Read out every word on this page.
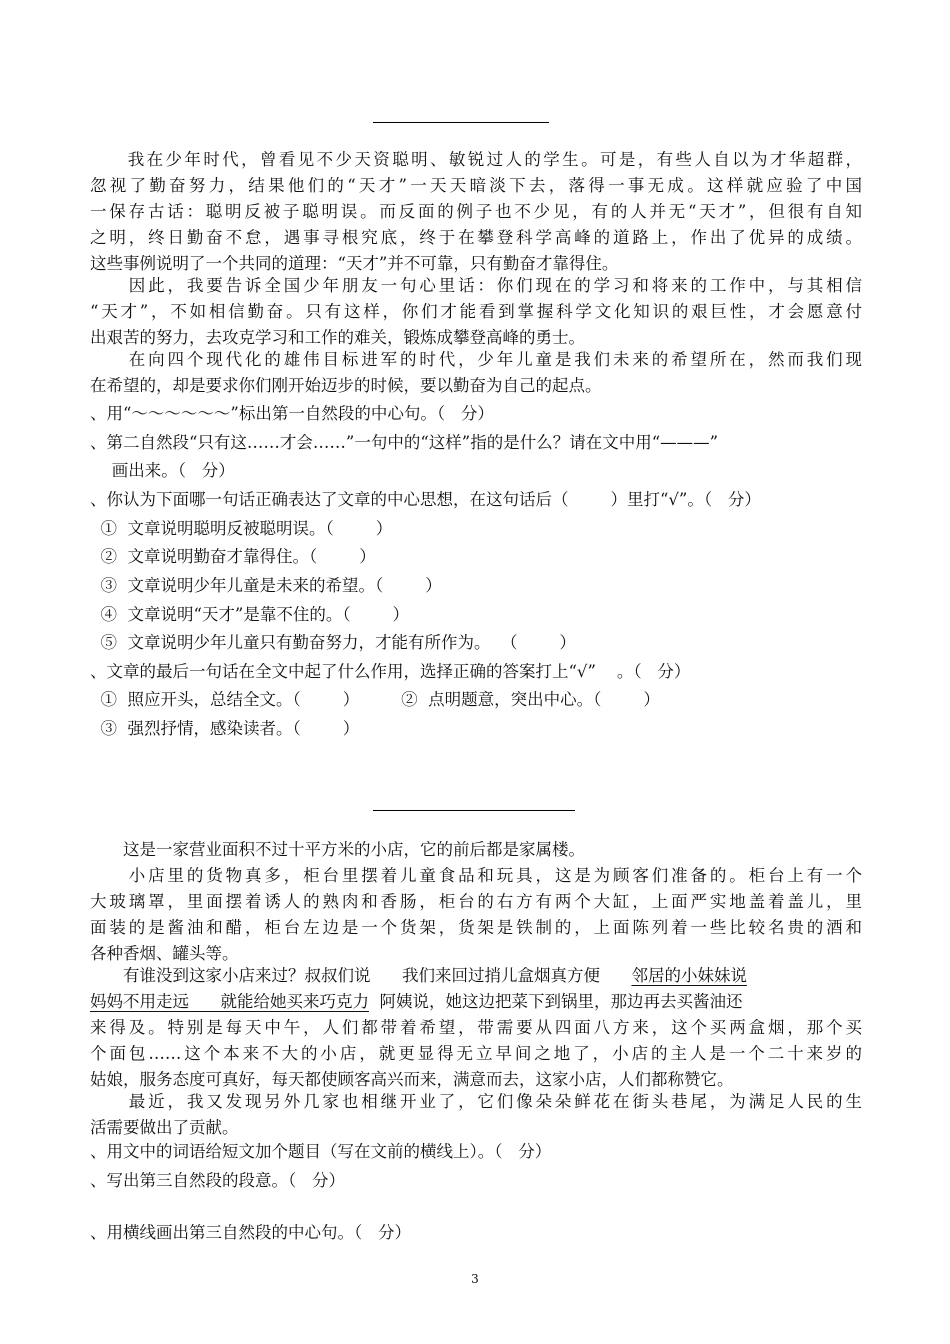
　　我在少年时代，曾看见不少天资聪明、敏锐过人的学生。可是，有些人自以为才华超群，
忽视了勤奋努力，结果他们的“天才”一天天暗淡下去，落得一事无成。这样就应验了中国
一保存古话：聪明反被子聪明误。而反面的例子也不少见，有的人并无“天才”，但很有自知
之明，终日勤奋不怠，遇事寻根究底，终于在攀登科学高峰的道路上，作出了优异的成绩。
这些事例说明了一个共同的道理：“天才”并不可靠，只有勤奋才靠得住。
　　因此，我要告诉全国少年朋友一句心里话：你们现在的学习和将来的工作中，与其相信
“天才”，不如相信勤奋。只有这样，你们才能看到掌握科学文化知识的艰巨性，才会愿意付
出艰苦的努力，去攻克学习和工作的难关，锻炼成攀登高峰的勇士。
　　在向四个现代化的雄伟目标进军的时代，少年儿童是我们未来的希望所在，然而我们现
在希望的，却是要求你们刚开始迈步的时候，要以勤奋为自己的起点。
、用“～～～～～～”标出第一自然段的中心句。（   分）
、第二自然段“只有这……才会……”一句中的“这样”指的是什么？请在文中用“———”
　 画出来。（   分）
、你认为下面哪一句话正确表达了文章的中心思想，在这句话后（        ）里打“√”。（   分）
①  文章说明聪明反被聪明误。（        ）
②  文章说明勤奋才靠得住。（        ）
③  文章说明少年儿童是未来的希望。（        ）
④  文章说明“天才”是靠不住的。（        ）
⑤  文章说明少年儿童只有勤奋努力，才能有所作为。  （        ）
、文章的最后一句话在全文中起了什么作用，选择正确的答案打上“√”    。（   分）
①  照应开头，总结全文。（        ）        ②  点明题意，突出中心。（        ）
③  强烈抒情，感染读者。（        ）
　　这是一家营业面积不过十平方米的小店，它的前后都是家属楼。
　　小店里的货物真多，柜台里摆着儿童食品和玩具，这是为顾客们准备的。柜台上有一个
大玻璃罩，里面摆着诱人的熟肉和香肠，柜台的右方有两个大缸，上面严实地盖着盖儿，里
面装的是酱油和醋，柜台左边是一个货架，货架是铁制的，上面陈列着一些比较名贵的酒和
各种香烟、罐头等。
　　有谁没到这家小店来过？叔叔们说      我们来回过捎儿盒烟真方便      邻居的小妹妹说
妈妈不用走远      就能给她买来巧克力  阿姨说，她这边把菜下到锅里，那边再去买酱油还
来得及。特别是每天中午，人们都带着希望，带需要从四面八方来，这个买两盒烟，那个买
个面包……这个本来不大的小店，就更显得无立早间之地了，小店的主人是一个二十来岁的
姑娘，服务态度可真好，每天都使顾客高兴而来，满意而去，这家小店，人们都称赞它。
　　最近，我又发现另外几家也相继开业了，它们像朵朵鲜花在街头巷尾，为满足人民的生
活需要做出了贡献。
、用文中的词语给短文加个题目（写在文前的横线上）。（   分）
、写出第三自然段的段意。（   分）
、用横线画出第三自然段的中心句。（   分）
3
